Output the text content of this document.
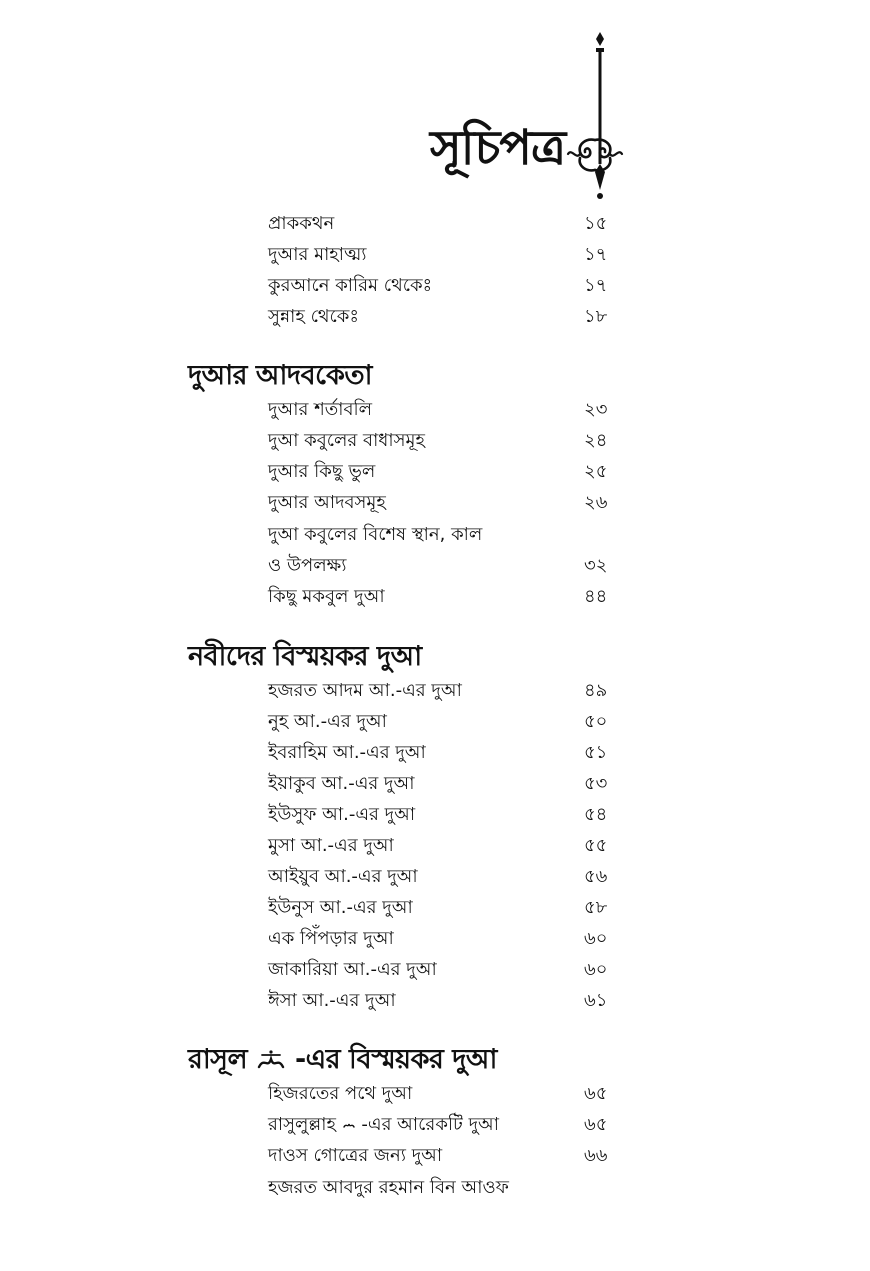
সূচিপত্র
প্রাককথন	১৫
দুআর মাহাত্ম্য	১৭
কুরআনে কারিম থেকেঃ	১৭
সুন্নাহ থেকেঃ	১৮
দুআর আদবকেতা
দুআর শর্তাবলি	২৩
দুআ কবুলের বাধাসমূহ	২৪
দুআর কিছু ভুল	২৫
দুআর আদবসমূহ	২৬
দুআ কবুলের বিশেষ স্থান, কাল
ও উপলক্ষ্য	৩২
কিছু মকবুল দুআ	৪৪
নবীদের বিস্ময়কর দুআ
হজরত আদম আ.-এর দুআ	৪৯
নুহ আ.-এর দুআ	৫০
ইবরাহিম আ.-এর দুআ	৫১
ইয়াকুব আ.-এর দুআ	৫৩
ইউসুফ আ.-এর দুআ	৫৪
মুসা আ.-এর দুআ	৫৫
আইয়ুব আ.-এর দুআ	৫৬
ইউনুস আ.-এর দুআ	৫৮
এক পিঁপড়ার দুআ	৬০
জাকারিয়া আ.-এর দুআ	৬০
ঈসা আ.-এর দুআ	৬১
রাসূল -এর বিস্ময়কর দুআ
হিজরতের পথে দুআ	৬৫
রাসুলুল্লাহ -এর আরেকটি দুআ	৬৫
দাওস গোত্রের জন্য দুআ	৬৬
হজরত আবদুর রহমান বিন আওফ
